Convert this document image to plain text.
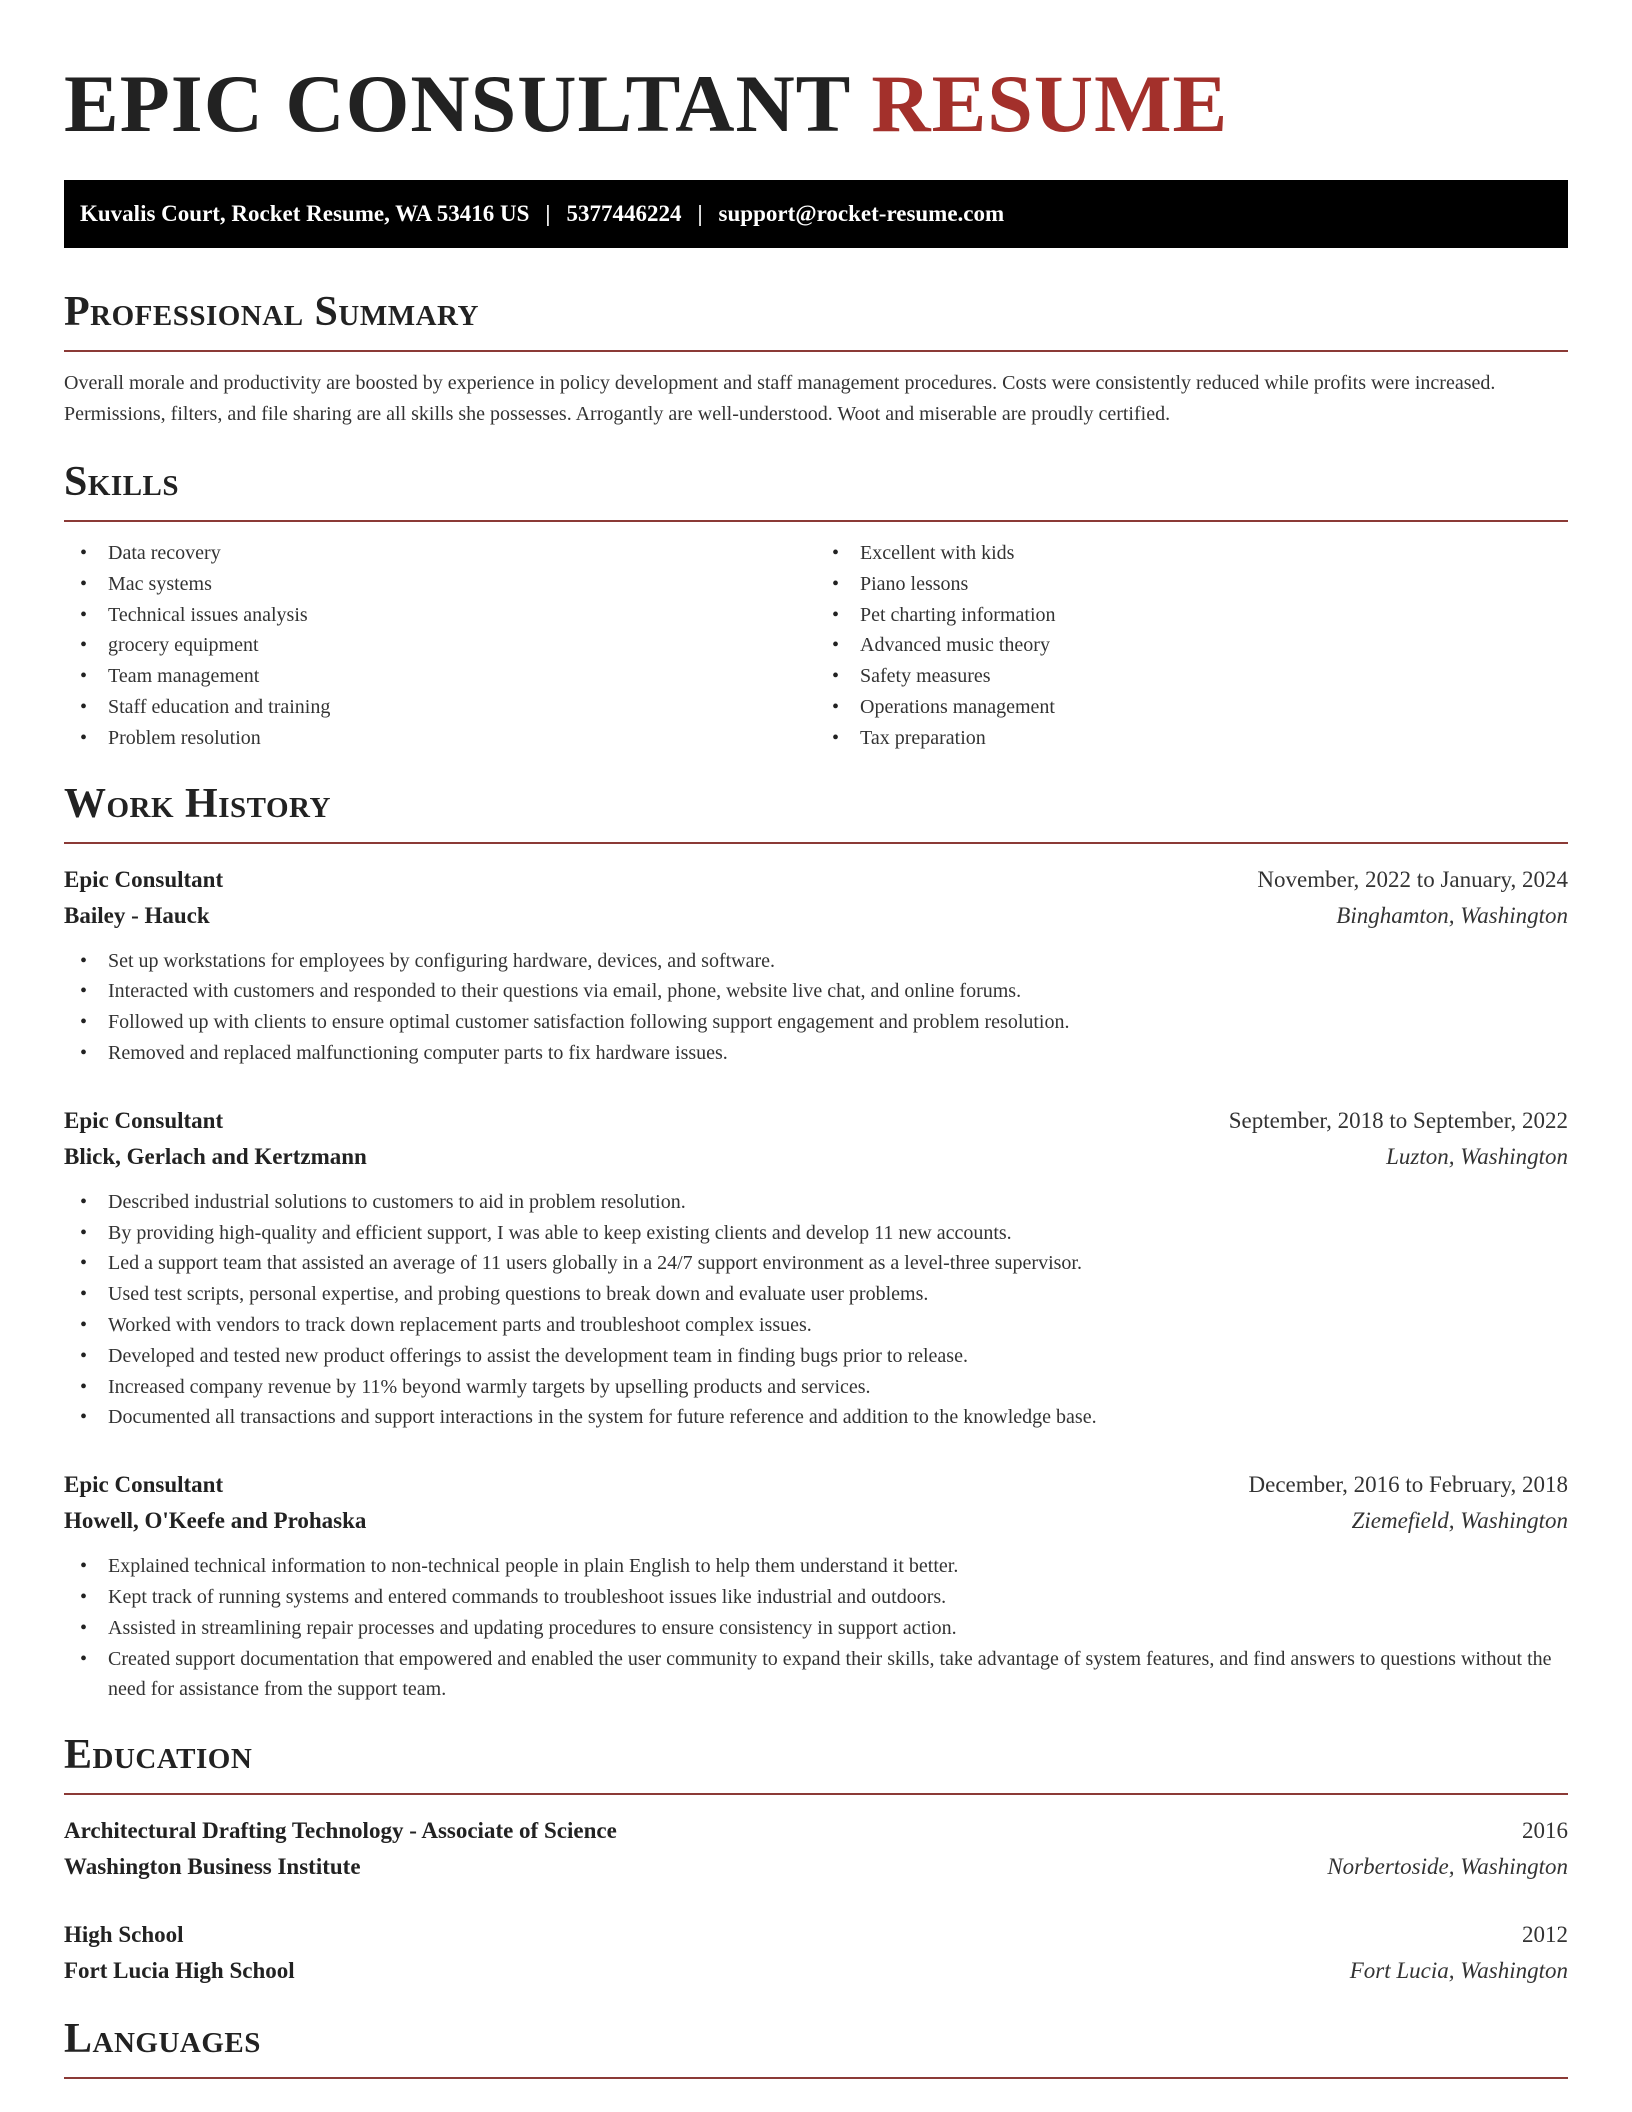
EPIC CONSULTANT RESUME
Kuvalis Court, Rocket Resume, WA 53416 US | 5377446224 | support@rocket-resume.com
Professional Summary

Overall morale and productivity are boosted by experience in policy development and staff management procedures. Costs were consistently reduced while profits were increased. Permissions, filters, and file sharing are all skills she possesses. Arrogantly are well-understood. Woot and miserable are proudly certified.

Skills
• Data recovery
• Mac systems
• Technical issues analysis
• grocery equipment
• Team management
• Staff education and training
• Problem resolution
• Excellent with kids
• Piano lessons
• Pet charting information
• Advanced music theory
• Safety measures
• Operations management
• Tax preparation
Work History
Epic Consultant	November, 2022 to January, 2024
Bailey - Hauck	Binghamton, Washington
• Set up workstations for employees by configuring hardware, devices, and software.
• Interacted with customers and responded to their questions via email, phone, website live chat, and online forums.
• Followed up with clients to ensure optimal customer satisfaction following support engagement and problem resolution.
• Removed and replaced malfunctioning computer parts to fix hardware issues.
Epic Consultant	September, 2018 to September, 2022
Blick, Gerlach and Kertzmann	Luzton, Washington
• Described industrial solutions to customers to aid in problem resolution.
• By providing high-quality and efficient support, I was able to keep existing clients and develop 11 new accounts.
• Led a support team that assisted an average of 11 users globally in a 24/7 support environment as a level-three supervisor.
• Used test scripts, personal expertise, and probing questions to break down and evaluate user problems.
• Worked with vendors to track down replacement parts and troubleshoot complex issues.
• Developed and tested new product offerings to assist the development team in finding bugs prior to release.
• Increased company revenue by 11% beyond warmly targets by upselling products and services.
• Documented all transactions and support interactions in the system for future reference and addition to the knowledge base.
Epic Consultant	December, 2016 to February, 2018
Howell, O'Keefe and Prohaska	Ziemefield, Washington
• Explained technical information to non-technical people in plain English to help them understand it better.
• Kept track of running systems and entered commands to troubleshoot issues like industrial and outdoors.
• Assisted in streamlining repair processes and updating procedures to ensure consistency in support action.
• Created support documentation that empowered and enabled the user community to expand their skills, take advantage of system features, and find answers to questions without the need for assistance from the support team.
Education
Architectural Drafting Technology - Associate of Science	2016
Washington Business Institute	Norbertoside, Washington
High School	2012
Fort Lucia High School	Fort Lucia, Washington
Languages
